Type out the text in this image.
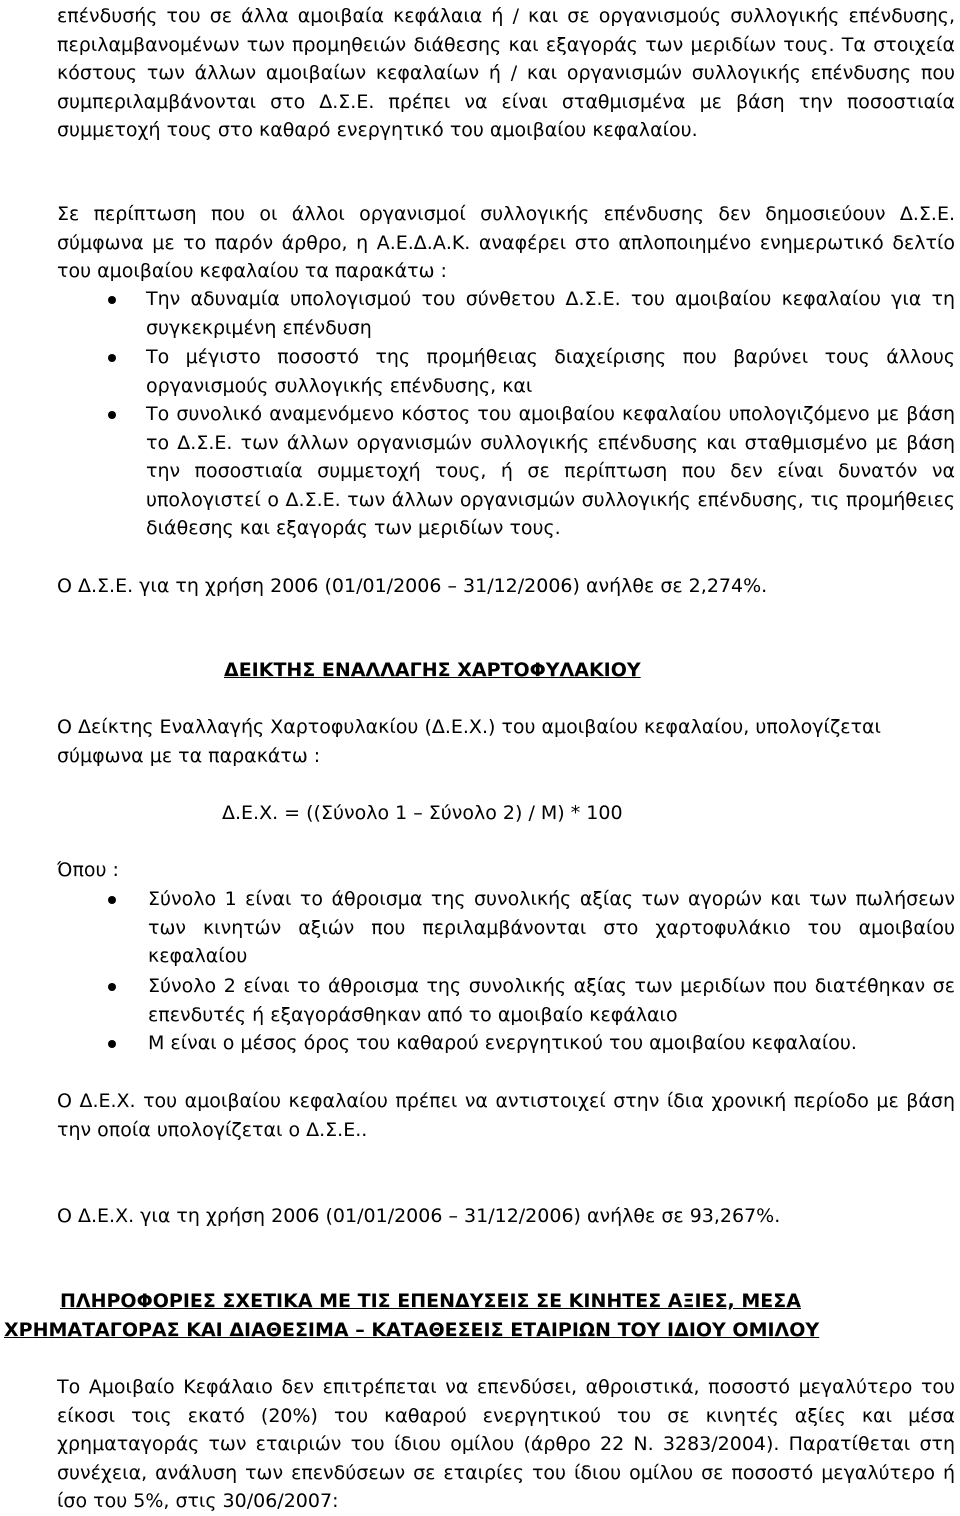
επένδυσής του σε άλλα αμοιβαία κεφάλαια ή / και σε οργανισμούς συλλογικής επένδυσης, περιλαμβανομένων των προμηθειών διάθεσης και εξαγοράς των μεριδίων τους. Τα στοιχεία κόστους των άλλων αμοιβαίων κεφαλαίων ή / και οργανισμών συλλογικής επένδυσης που συμπεριλαμβάνονται στο Δ.Σ.Ε. πρέπει να είναι σταθμισμένα με βάση την ποσοστιαία συμμετοχή τους στο καθαρό ενεργητικό του αμοιβαίου κεφαλαίου.

Σε περίπτωση που οι άλλοι οργανισμοί συλλογικής επένδυσης δεν δημοσιεύουν Δ.Σ.Ε. σύμφωνα με το παρόν άρθρο, η Α.Ε.Δ.Α.Κ. αναφέρει στο απλοποιημένο ενημερωτικό δελτίο του αμοιβαίου κεφαλαίου τα παρακάτω :

Την αδυναμία υπολογισμού του σύνθετου Δ.Σ.Ε. του αμοιβαίου κεφαλαίου για τη συγκεκριμένη επένδυση

Το μέγιστο ποσοστό της προμήθειας διαχείρισης που βαρύνει τους άλλους οργανισμούς συλλογικής επένδυσης, και

Το συνολικό αναμενόμενο κόστος του αμοιβαίου κεφαλαίου υπολογιζόμενο με βάση το Δ.Σ.Ε. των άλλων οργανισμών συλλογικής επένδυσης και σταθμισμένο με βάση την ποσοστιαία συμμετοχή τους, ή σε περίπτωση που δεν είναι δυνατόν να υπολογιστεί ο Δ.Σ.Ε. των άλλων οργανισμών συλλογικής επένδυσης, τις προμήθειες διάθεσης και εξαγοράς των μεριδίων τους.

Ο Δ.Σ.Ε. για τη χρήση 2006 (01/01/2006 – 31/12/2006) ανήλθε σε 2,274%.

ΔΕΙΚΤΗΣ ΕΝΑΛΛΑΓΗΣ ΧΑΡΤΟΦΥΛΑΚΙΟΥ

Ο Δείκτης Εναλλαγής Χαρτοφυλακίου (Δ.Ε.Χ.) του αμοιβαίου κεφαλαίου, υπολογίζεται σύμφωνα με τα παρακάτω :

Δ.Ε.Χ. = ((Σύνολο 1 – Σύνολο 2) / Μ) * 100

Όπου :

Σύνολο 1 είναι το άθροισμα της συνολικής αξίας των αγορών και των πωλήσεων των κινητών αξιών που περιλαμβάνονται στο χαρτοφυλάκιο του αμοιβαίου κεφαλαίου

Σύνολο 2 είναι το άθροισμα της συνολικής αξίας των μεριδίων που διατέθηκαν σε επενδυτές ή εξαγοράσθηκαν από το αμοιβαίο κεφάλαιο

Μ είναι ο μέσος όρος του καθαρού ενεργητικού του αμοιβαίου κεφαλαίου.

Ο Δ.Ε.Χ. του αμοιβαίου κεφαλαίου πρέπει να αντιστοιχεί στην ίδια χρονική περίοδο με βάση την οποία υπολογίζεται ο Δ.Σ.Ε..

Ο Δ.Ε.Χ. για τη χρήση 2006 (01/01/2006 – 31/12/2006) ανήλθε σε 93,267%.

ΠΛΗΡΟΦΟΡΙΕΣ ΣΧΕΤΙΚΑ ΜΕ ΤΙΣ ΕΠΕΝΔΥΣΕΙΣ ΣΕ ΚΙΝΗΤΕΣ ΑΞΙΕΣ, ΜΕΣΑ

ΧΡΗΜΑΤΑΓΟΡΑΣ ΚΑΙ ΔΙΑΘΕΣΙΜΑ – ΚΑΤΑΘΕΣΕΙΣ ΕΤΑΙΡΙΩΝ ΤΟΥ ΙΔΙΟΥ ΟΜΙΛΟΥ

Το Αμοιβαίο Κεφάλαιο δεν επιτρέπεται να επενδύσει, αθροιστικά, ποσοστό μεγαλύτερο του είκοσι τοις εκατό (20%) του καθαρού ενεργητικού του σε κινητές αξίες και μέσα χρηματαγοράς των εταιριών του ίδιου ομίλου (άρθρο 22 Ν. 3283/2004). Παρατίθεται στη συνέχεια, ανάλυση των επενδύσεων σε εταιρίες του ίδιου ομίλου σε ποσοστό μεγαλύτερο ή ίσο του 5%, στις 30/06/2007:
